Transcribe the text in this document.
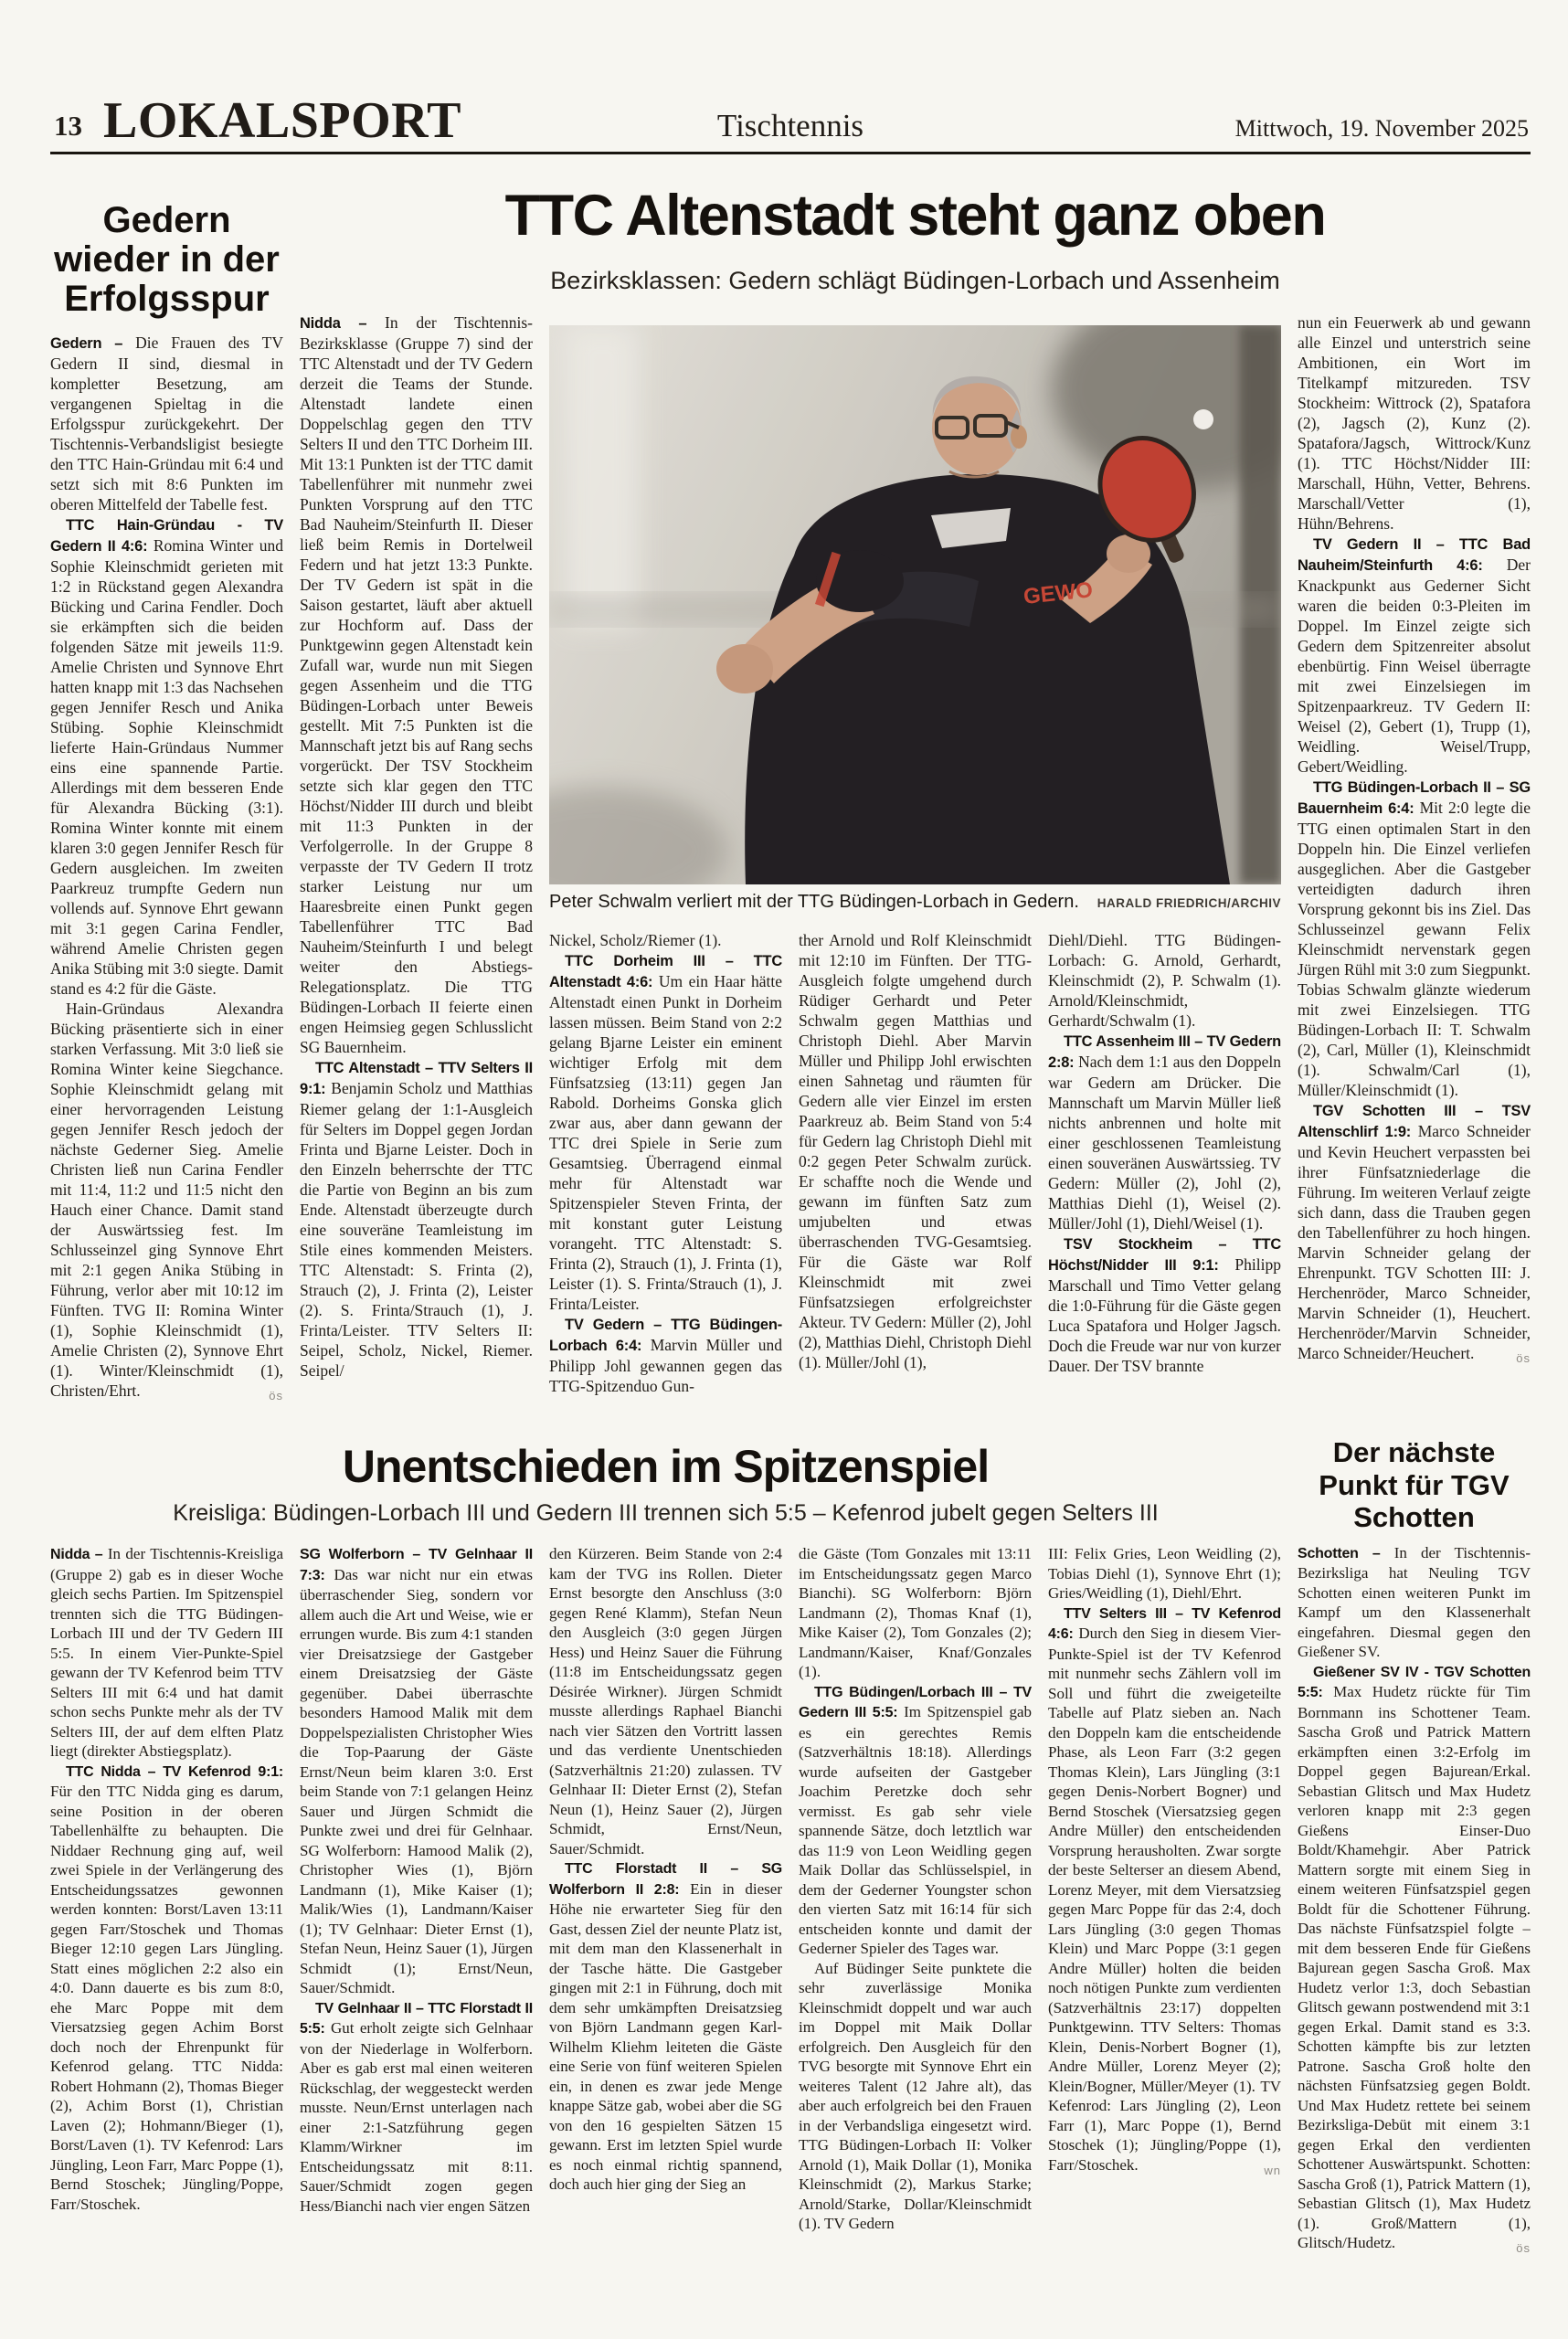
13 LOKALSPORT	Tischtennis	Mittwoch, 19. November 2025
Gedern wieder in der Erfolgsspur

Gedern – Die Frauen des TV Gedern II sind, diesmal in kompletter Besetzung, am vergangenen Spieltag in die Erfolgsspur zurückgekehrt. Der Tischtennis-Verbandsligist besiegte den TTC Hain-Gründau mit 6:4 und setzt sich mit 8:6 Punkten im oberen Mittelfeld der Tabelle fest.

TTC Hain-Gründau - TV Gedern II 4:6: Romina Winter und Sophie Kleinschmidt gerieten mit 1:2 in Rückstand gegen Alexandra Bücking und Carina Fendler. Doch sie erkämpften sich die beiden folgenden Sätze mit jeweils 11:9. Amelie Christen und Synnove Ehrt hatten knapp mit 1:3 das Nachsehen gegen Jennifer Resch und Anika Stübing. Sophie Kleinschmidt lieferte Hain-Gründaus Nummer eins eine spannende Partie. Allerdings mit dem besseren Ende für Alexandra Bücking (3:1). Romina Winter konnte mit einem klaren 3:0 gegen Jennifer Resch für Gedern ausgleichen. Im zweiten Paarkreuz trumpfte Gedern nun vollends auf. Synnove Ehrt gewann mit 3:1 gegen Carina Fendler, während Amelie Christen gegen Anika Stübing mit 3:0 siegte. Damit stand es 4:2 für die Gäste.

Hain-Gründaus Alexandra Bücking präsentierte sich in einer starken Verfassung. Mit 3:0 ließ sie Romina Winter keine Siegchance. Sophie Kleinschmidt gelang mit einer hervorragenden Leistung gegen Jennifer Resch jedoch der nächste Gederner Sieg. Amelie Christen ließ nun Carina Fendler mit 11:4, 11:2 und 11:5 nicht den Hauch einer Chance. Damit stand der Auswärtssieg fest. Im Schlusseinzel ging Synnove Ehrt mit 2:1 gegen Anika Stübing in Führung, verlor aber mit 10:12 im Fünften. TVG II: Romina Winter (1), Sophie Kleinschmidt (1), Amelie Christen (2), Synnove Ehrt (1). Winter/Kleinschmidt (1), Christen/Ehrt.	ös

TTC Altenstadt steht ganz oben
Bezirksklassen: Gedern schlägt Büdingen-Lorbach und Assenheim

Nidda – In der Tischtennis-Bezirksklasse (Gruppe 7) sind der TTC Altenstadt und der TV Gedern derzeit die Teams der Stunde. Altenstadt landete einen Doppelschlag gegen den TTV Selters II und den TTC Dorheim III. Mit 13:1 Punkten ist der TTC damit Tabellenführer mit nunmehr zwei Punkten Vorsprung auf den TTC Bad Nauheim/Steinfurth II. Dieser ließ beim Remis in Dortelweil Federn und hat jetzt 13:3 Punkte. Der TV Gedern ist spät in die Saison gestartet, läuft aber aktuell zur Hochform auf. Dass der Punktgewinn gegen Altenstadt kein Zufall war, wurde nun mit Siegen gegen Assenheim und die TTG Büdingen-Lorbach unter Beweis gestellt. Mit 7:5 Punkten ist die Mannschaft jetzt bis auf Rang sechs vorgerückt. Der TSV Stockheim setzte sich klar gegen den TTC Höchst/Nidder III durch und bleibt mit 11:3 Punkten in der Verfolgerrolle. In der Gruppe 8 verpasste der TV Gedern II trotz starker Leistung nur um Haaresbreite einen Punkt gegen Tabellenführer TTC Bad Nauheim/Steinfurth I und belegt weiter den Abstiegs-Relegationsplatz. Die TTG Büdingen-Lorbach II feierte einen engen Heimsieg gegen Schlusslicht SG Bauernheim.

TTC Altenstadt – TTV Selters II 9:1: Benjamin Scholz und Matthias Riemer gelang der 1:1-Ausgleich für Selters im Doppel gegen Jordan Frinta und Bjarne Leister. Doch in den Einzeln beherrschte der TTC die Partie von Beginn an bis zum Ende. Altenstadt überzeugte durch eine souveräne Teamleistung im Stile eines kommenden Meisters. TTC Altenstadt: S. Frinta (2), Strauch (2), J. Frinta (2), Leister (2). S. Frinta/Strauch (1), J. Frinta/Leister. TTV Selters II: Seipel, Scholz, Nickel, Riemer. Seipel/

GEWO
Peter Schwalm verliert mit der TTG Büdingen-Lorbach in Gedern. HARALD FRIEDRICH/ARCHIV

Nickel, Scholz/Riemer (1).

TTC Dorheim III – TTC Altenstadt 4:6: Um ein Haar hätte Altenstadt einen Punkt in Dorheim lassen müssen. Beim Stand von 2:2 gelang Bjarne Leister ein eminent wichtiger Erfolg mit dem Fünfsatzsieg (13:11) gegen Jan Rabold. Dorheims Gonska glich zwar aus, aber dann gewann der TTC drei Spiele in Serie zum Gesamtsieg. Überragend einmal mehr für Altenstadt war Spitzenspieler Steven Frinta, der mit konstant guter Leistung vorangeht. TTC Altenstadt: S. Frinta (2), Strauch (1), J. Frinta (1), Leister (1). S. Frinta/Strauch (1), J. Frinta/Leister.

TV Gedern – TTG Büdingen-Lorbach 6:4: Marvin Müller und Philipp Johl gewannen gegen das TTG-Spitzenduo Gun-

ther Arnold und Rolf Kleinschmidt mit 12:10 im Fünften. Der TTG-Ausgleich folgte umgehend durch Rüdiger Gerhardt und Peter Schwalm gegen Matthias und Christoph Diehl. Aber Marvin Müller und Philipp Johl erwischten einen Sahnetag und räumten für Gedern alle vier Einzel im ersten Paarkreuz ab. Beim Stand von 5:4 für Gedern lag Christoph Diehl mit 0:2 gegen Peter Schwalm zurück. Er schaffte noch die Wende und gewann im fünften Satz zum umjubelten und etwas überraschenden TVG-Gesamtsieg. Für die Gäste war Rolf Kleinschmidt mit zwei Fünfsatzsiegen erfolgreichster Akteur. TV Gedern: Müller (2), Johl (2), Matthias Diehl, Christoph Diehl (1). Müller/Johl (1),

Diehl/Diehl. TTG Büdingen-Lorbach: G. Arnold, Gerhardt, Kleinschmidt (2), P. Schwalm (1). Arnold/Kleinschmidt, Gerhardt/Schwalm (1).

TTC Assenheim III – TV Gedern 2:8: Nach dem 1:1 aus den Doppeln war Gedern am Drücker. Die Mannschaft um Marvin Müller ließ nichts anbrennen und holte mit einer geschlossenen Teamleistung einen souveränen Auswärtssieg. TV Gedern: Müller (2), Johl (2), Matthias Diehl (1), Weisel (2). Müller/Johl (1), Diehl/Weisel (1).

TSV Stockheim – TTC Höchst/Nidder III 9:1: Philipp Marschall und Timo Vetter gelang die 1:0-Führung für die Gäste gegen Luca Spatafora und Holger Jagsch. Doch die Freude war nur von kurzer Dauer. Der TSV brannte

nun ein Feuerwerk ab und gewann alle Einzel und unterstrich seine Ambitionen, ein Wort im Titelkampf mitzureden. TSV Stockheim: Wittrock (2), Spatafora (2), Jagsch (2), Kunz (2). Spatafora/Jagsch, Wittrock/Kunz (1). TTC Höchst/Nidder III: Marschall, Hühn, Vetter, Behrens. Marschall/Vetter (1), Hühn/Behrens.

TV Gedern II – TTC Bad Nauheim/Steinfurth 4:6: Der Knackpunkt aus Gederner Sicht waren die beiden 0:3-Pleiten im Doppel. Im Einzel zeigte sich Gedern dem Spitzenreiter absolut ebenbürtig. Finn Weisel überragte mit zwei Einzelsiegen im Spitzenpaarkreuz. TV Gedern II: Weisel (2), Gebert (1), Trupp (1), Weidling. Weisel/Trupp, Gebert/Weidling.

TTG Büdingen-Lorbach II – SG Bauernheim 6:4: Mit 2:0 legte die TTG einen optimalen Start in den Doppeln hin. Die Einzel verliefen ausgeglichen. Aber die Gastgeber verteidigten dadurch ihren Vorsprung gekonnt bis ins Ziel. Das Schlusseinzel gewann Felix Kleinschmidt nervenstark gegen Jürgen Rühl mit 3:0 zum Siegpunkt. Tobias Schwalm glänzte wiederum mit zwei Einzelsiegen. TTG Büdingen-Lorbach II: T. Schwalm (2), Carl, Müller (1), Kleinschmidt (1). Schwalm/Carl (1), Müller/Kleinschmidt (1).

TGV Schotten III – TSV Altenschlirf 1:9: Marco Schneider und Kevin Heuchert verpassten bei ihrer Fünfsatzniederlage die Führung. Im weiteren Verlauf zeigte sich dann, dass die Trauben gegen den Tabellenführer zu hoch hingen. Marvin Schneider gelang der Ehrenpunkt. TGV Schotten III: J. Herchenröder, Marco Schneider, Marvin Schneider (1), Heuchert. Herchenröder/Marvin Schneider, Marco Schneider/Heuchert.	ös

Unentschieden im Spitzenspiel
Kreisliga: Büdingen-Lorbach III und Gedern III trennen sich 5:5 – Kefenrod jubelt gegen Selters III

Nidda – In der Tischtennis-Kreisliga (Gruppe 2) gab es in dieser Woche gleich sechs Partien. Im Spitzenspiel trennten sich die TTG Büdingen-Lorbach III und der TV Gedern III 5:5. In einem Vier-Punkte-Spiel gewann der TV Kefenrod beim TTV Selters III mit 6:4 und hat damit schon sechs Punkte mehr als der TV Selters III, der auf dem elften Platz liegt (direkter Abstiegsplatz).

TTC Nidda – TV Kefenrod 9:1: Für den TTC Nidda ging es darum, seine Position in der oberen Tabellenhälfte zu behaupten. Die Niddaer Rechnung ging auf, weil zwei Spiele in der Verlängerung des Entscheidungssatzes gewonnen werden konnten: Borst/Laven 13:11 gegen Farr/Stoschek und Thomas Bieger 12:10 gegen Lars Jüngling. Statt eines möglichen 2:2 also ein 4:0. Dann dauerte es bis zum 8:0, ehe Marc Poppe mit dem Viersatzsieg gegen Achim Borst doch noch der Ehrenpunkt für Kefenrod gelang. TTC Nidda: Robert Hohmann (2), Thomas Bieger (2), Achim Borst (1), Christian Laven (2); Hohmann/Bieger (1), Borst/Laven (1). TV Kefenrod: Lars Jüngling, Leon Farr, Marc Poppe (1), Bernd Stoschek; Jüngling/Poppe, Farr/Stoschek.

SG Wolferborn – TV Gelnhaar II 7:3: Das war nicht nur ein etwas überraschender Sieg, sondern vor allem auch die Art und Weise, wie er errungen wurde. Bis zum 4:1 standen vier Dreisatzsiege der Gastgeber einem Dreisatzsieg der Gäste gegenüber. Dabei überraschte besonders Hamood Malik mit dem Doppelspezialisten Christopher Wies die Top-Paarung der Gäste Ernst/Neun beim klaren 3:0. Erst beim Stande von 7:1 gelangen Heinz Sauer und Jürgen Schmidt die Punkte zwei und drei für Gelnhaar. SG Wolferborn: Hamood Malik (2), Christopher Wies (1), Björn Landmann (1), Mike Kaiser (1); Malik/Wies (1), Landmann/Kaiser (1); TV Gelnhaar: Dieter Ernst (1), Stefan Neun, Heinz Sauer (1), Jürgen Schmidt (1); Ernst/Neun, Sauer/Schmidt.

TV Gelnhaar II – TTC Florstadt II 5:5: Gut erholt zeigte sich Gelnhaar von der Niederlage in Wolferborn. Aber es gab erst mal einen weiteren Rückschlag, der weggesteckt werden musste. Neun/Ernst unterlagen nach einer 2:1-Satzführung gegen Klamm/Wirkner im Entscheidungssatz mit 8:11. Sauer/Schmidt zogen gegen Hess/Bianchi nach vier engen Sätzen

den Kürzeren. Beim Stande von 2:4 kam der TVG ins Rollen. Dieter Ernst besorgte den Anschluss (3:0 gegen René Klamm), Stefan Neun den Ausgleich (3:0 gegen Jürgen Hess) und Heinz Sauer die Führung (11:8 im Entscheidungssatz gegen Désirée Wirkner). Jürgen Schmidt musste allerdings Raphael Bianchi nach vier Sätzen den Vortritt lassen und das verdiente Unentschieden (Satzverhältnis 21:20) zulassen. TV Gelnhaar II: Dieter Ernst (2), Stefan Neun (1), Heinz Sauer (2), Jürgen Schmidt, Ernst/Neun, Sauer/Schmidt.

TTC Florstadt II – SG Wolferborn II 2:8: Ein in dieser Höhe nie erwarteter Sieg für den Gast, dessen Ziel der neunte Platz ist, mit dem man den Klassenerhalt in der Tasche hätte. Die Gastgeber gingen mit 2:1 in Führung, doch mit dem sehr umkämpften Dreisatzsieg von Björn Landmann gegen Karl-Wilhelm Kliehm leiteten die Gäste eine Serie von fünf weiteren Spielen ein, in denen es zwar jede Menge knappe Sätze gab, wobei aber die SG von den 16 gespielten Sätzen 15 gewann. Erst im letzten Spiel wurde es noch einmal richtig spannend, doch auch hier ging der Sieg an

die Gäste (Tom Gonzales mit 13:11 im Entscheidungssatz gegen Marco Bianchi). SG Wolferborn: Björn Landmann (2), Thomas Knaf (1), Mike Kaiser (2), Tom Gonzales (2); Landmann/Kaiser, Knaf/Gonzales (1).

TTG Büdingen/Lorbach III – TV Gedern III 5:5: Im Spitzenspiel gab es ein gerechtes Remis (Satzverhältnis 18:18). Allerdings wurde aufseiten der Gastgeber Joachim Peretzke doch sehr vermisst. Es gab sehr viele spannende Sätze, doch letztlich war das 11:9 von Leon Weidling gegen Maik Dollar das Schlüsselspiel, in dem der Gederner Youngster schon den vierten Satz mit 16:14 für sich entscheiden konnte und damit der Gederner Spieler des Tages war.

Auf Büdinger Seite punktete die sehr zuverlässige Monika Kleinschmidt doppelt und war auch im Doppel mit Maik Dollar erfolgreich. Den Ausgleich für den TVG besorgte mit Synnove Ehrt ein weiteres Talent (12 Jahre alt), das aber auch erfolgreich bei den Frauen in der Verbandsliga eingesetzt wird. TTG Büdingen-Lorbach II: Volker Arnold (1), Maik Dollar (1), Monika Kleinschmidt (2), Markus Starke; Arnold/Starke, Dollar/Kleinschmidt (1). TV Gedern

III: Felix Gries, Leon Weidling (2), Tobias Diehl (1), Synnove Ehrt (1); Gries/Weidling (1), Diehl/Ehrt.

TTV Selters III – TV Kefenrod 4:6: Durch den Sieg in diesem Vier-Punkte-Spiel ist der TV Kefenrod mit nunmehr sechs Zählern voll im Soll und führt die zweigeteilte Tabelle auf Platz sieben an. Nach den Doppeln kam die entscheidende Phase, als Leon Farr (3:2 gegen Thomas Klein), Lars Jüngling (3:1 gegen Denis-Norbert Bogner) und Bernd Stoschek (Viersatzsieg gegen Andre Müller) den entscheidenden Vorsprung herausholten. Zwar sorgte der beste Selterser an diesem Abend, Lorenz Meyer, mit dem Viersatzsieg gegen Marc Poppe für das 2:4, doch Lars Jüngling (3:0 gegen Thomas Klein) und Marc Poppe (3:1 gegen Andre Müller) holten die beiden noch nötigen Punkte zum verdienten (Satzverhältnis 23:17) doppelten Punktgewinn. TTV Selters: Thomas Klein, Denis-Norbert Bogner (1), Andre Müller, Lorenz Meyer (2); Klein/Bogner, Müller/Meyer (1). TV Kefenrod: Lars Jüngling (2), Leon Farr (1), Marc Poppe (1), Bernd Stoschek (1); Jüngling/Poppe (1), Farr/Stoschek.	wn

Der nächste Punkt für TGV Schotten

Schotten – In der Tischtennis-Bezirksliga hat Neuling TGV Schotten einen weiteren Punkt im Kampf um den Klassenerhalt eingefahren. Diesmal gegen den Gießener SV.

Gießener SV IV - TGV Schotten 5:5: Max Hudetz rückte für Tim Bornmann ins Schottener Team. Sascha Groß und Patrick Mattern erkämpften einen 3:2-Erfolg im Doppel gegen Bajurean/Erkal. Sebastian Glitsch und Max Hudetz verloren knapp mit 2:3 gegen Gießens Einser-Duo Boldt/Khamehgir. Aber Patrick Mattern sorgte mit einem Sieg in einem weiteren Fünfsatzspiel gegen Boldt für die Schottener Führung. Das nächste Fünfsatzspiel folgte – mit dem besseren Ende für Gießens Bajurean gegen Sascha Groß. Max Hudetz verlor 1:3, doch Sebastian Glitsch gewann postwendend mit 3:1 gegen Erkal. Damit stand es 3:3. Schotten kämpfte bis zur letzten Patrone. Sascha Groß holte den nächsten Fünfsatzsieg gegen Boldt. Und Max Hudetz rettete bei seinem Bezirksliga-Debüt mit einem 3:1 gegen Erkal den verdienten Schottener Auswärtspunkt. Schotten: Sascha Groß (1), Patrick Mattern (1), Sebastian Glitsch (1), Max Hudetz (1). Groß/Mattern (1), Glitsch/Hudetz.	ös
